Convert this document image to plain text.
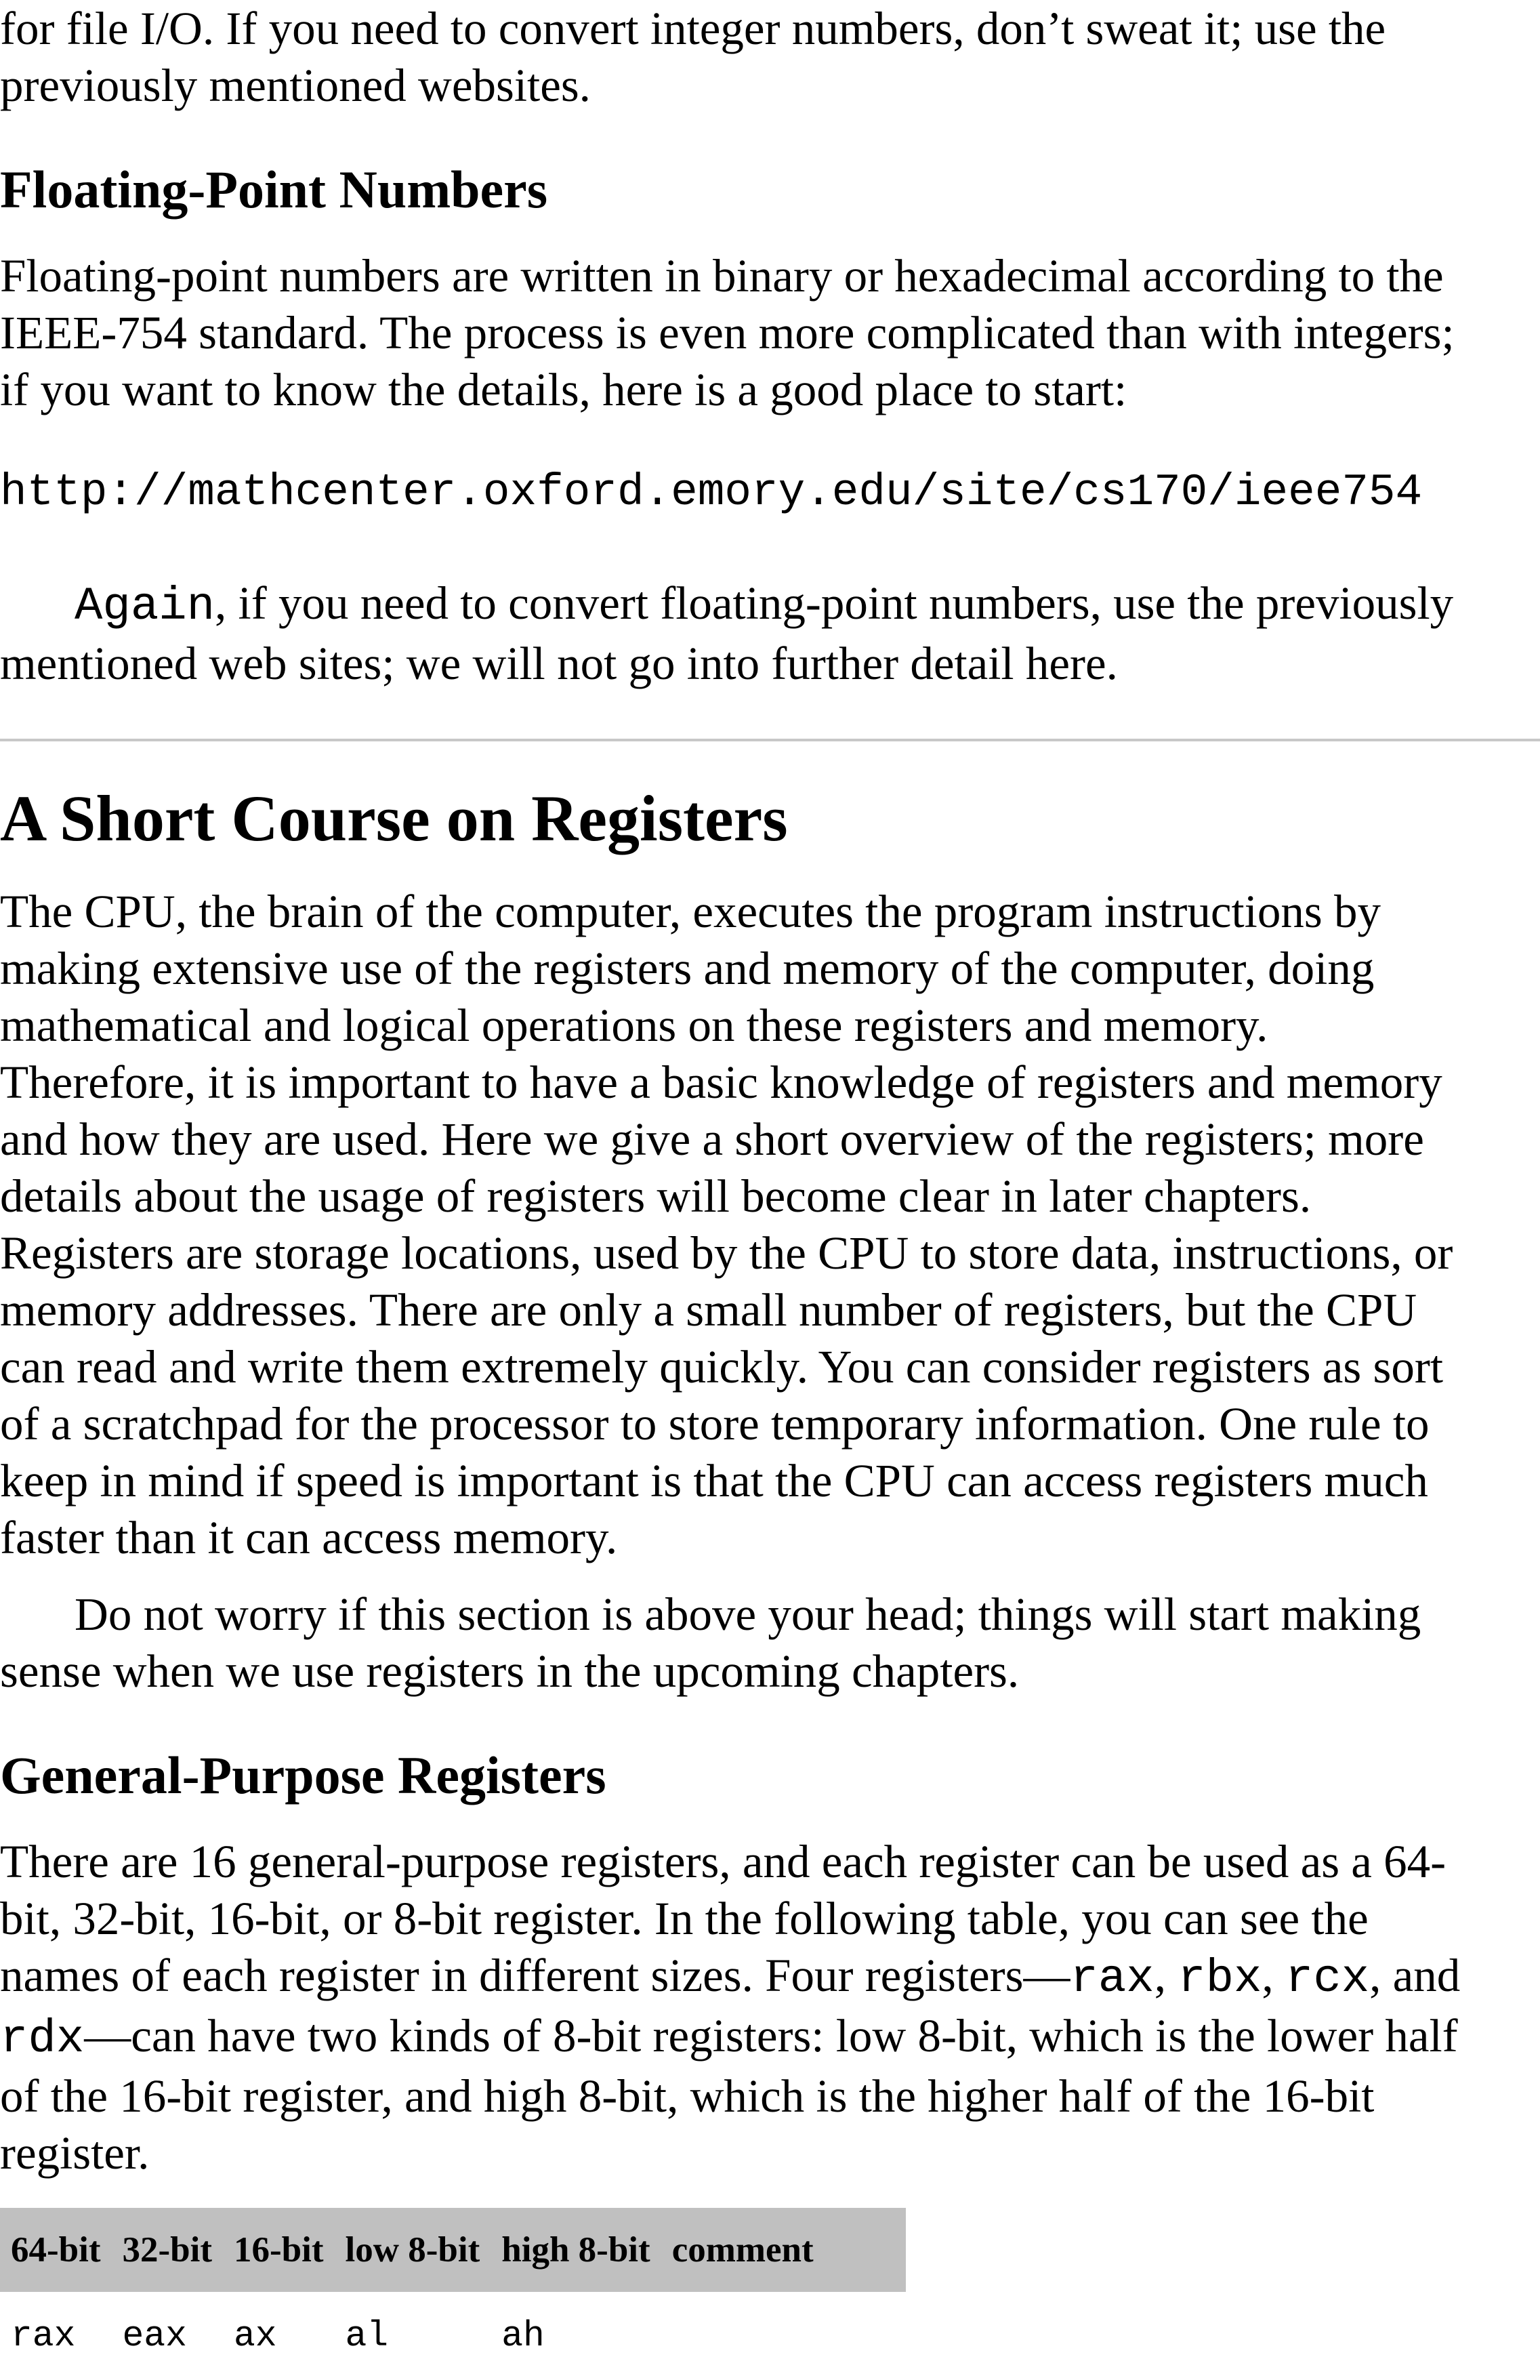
for file I/O. If you need to convert integer numbers, don’t sweat it; use the
previously mentioned websites.

Floating-Point Numbers

Floating-point numbers are written in binary or hexadecimal according to the
IEEE-754 standard. The process is even more complicated than with integers;
if you want to know the details, here is a good place to start:

http://mathcenter.oxford.emory.edu/site/cs170/ieee754

Again, if you need to convert floating-point numbers, use the previously
mentioned web sites; we will not go into further detail here.

A Short Course on Registers

The CPU, the brain of the computer, executes the program instructions by
making extensive use of the registers and memory of the computer, doing
mathematical and logical operations on these registers and memory.
Therefore, it is important to have a basic knowledge of registers and memory
and how they are used. Here we give a short overview of the registers; more
details about the usage of registers will become clear in later chapters.
Registers are storage locations, used by the CPU to store data, instructions, or
memory addresses. There are only a small number of registers, but the CPU
can read and write them extremely quickly. You can consider registers as sort
of a scratchpad for the processor to store temporary information. One rule to
keep in mind if speed is important is that the CPU can access registers much
faster than it can access memory.

Do not worry if this section is above your head; things will start making
sense when we use registers in the upcoming chapters.

General-Purpose Registers

There are 16 general-purpose registers, and each register can be used as a 64-
bit, 32-bit, 16-bit, or 8-bit register. In the following table, you can see the
names of each register in different sizes. Four registers—rax, rbx, rcx, and
rdx—can have two kinds of 8-bit registers: low 8-bit, which is the lower half
of the 16-bit register, and high 8-bit, which is the higher half of the 16-bit
register.

64-bit	32-bit	16-bit	low 8-bit	high 8-bit	comment
rax	eax	ax	al	ah	
